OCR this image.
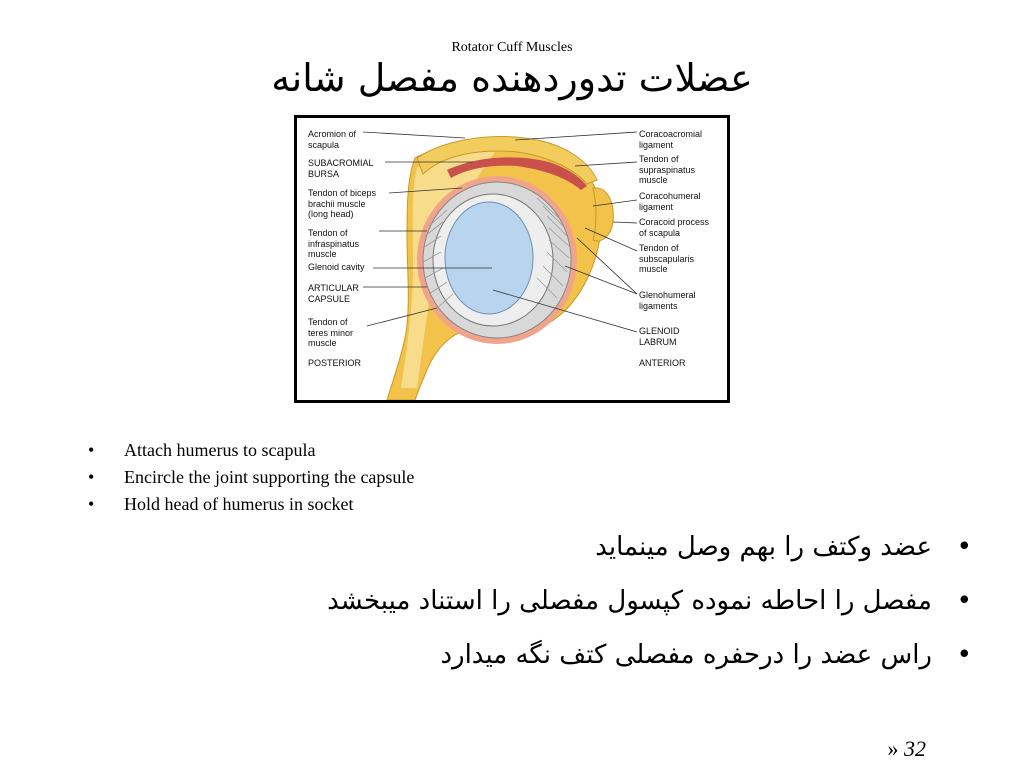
Rotator Cuff Muscles
عضلات تدوردهنده مفصل شانه
Acromion of
scapula
SUBACROMIAL
BURSA
Tendon of biceps
brachii muscle
(long head)
Tendon of
infraspinatus
muscle
Glenoid cavity
ARTICULAR
CAPSULE
Tendon of
teres minor
muscle
POSTERIOR
Coracoacromial
ligament
Tendon of
supraspinatus
muscle
Coracohumeral
ligament
Coracoid process
of scapula
Tendon of
subscapularis
muscle
Glenohumeral
ligaments
GLENOID
LABRUM
ANTERIOR
• Attach humerus to scapula
• Encircle the joint supporting the capsule
• Hold head of humerus in socket
• عضد وکتف را بهم وصل مینماید
• مفصل را احاطه نموده کپسول مفصلی را استناد میبخشد
• راس عضد را درحفره مفصلی کتف نگه میدارد
» 32
